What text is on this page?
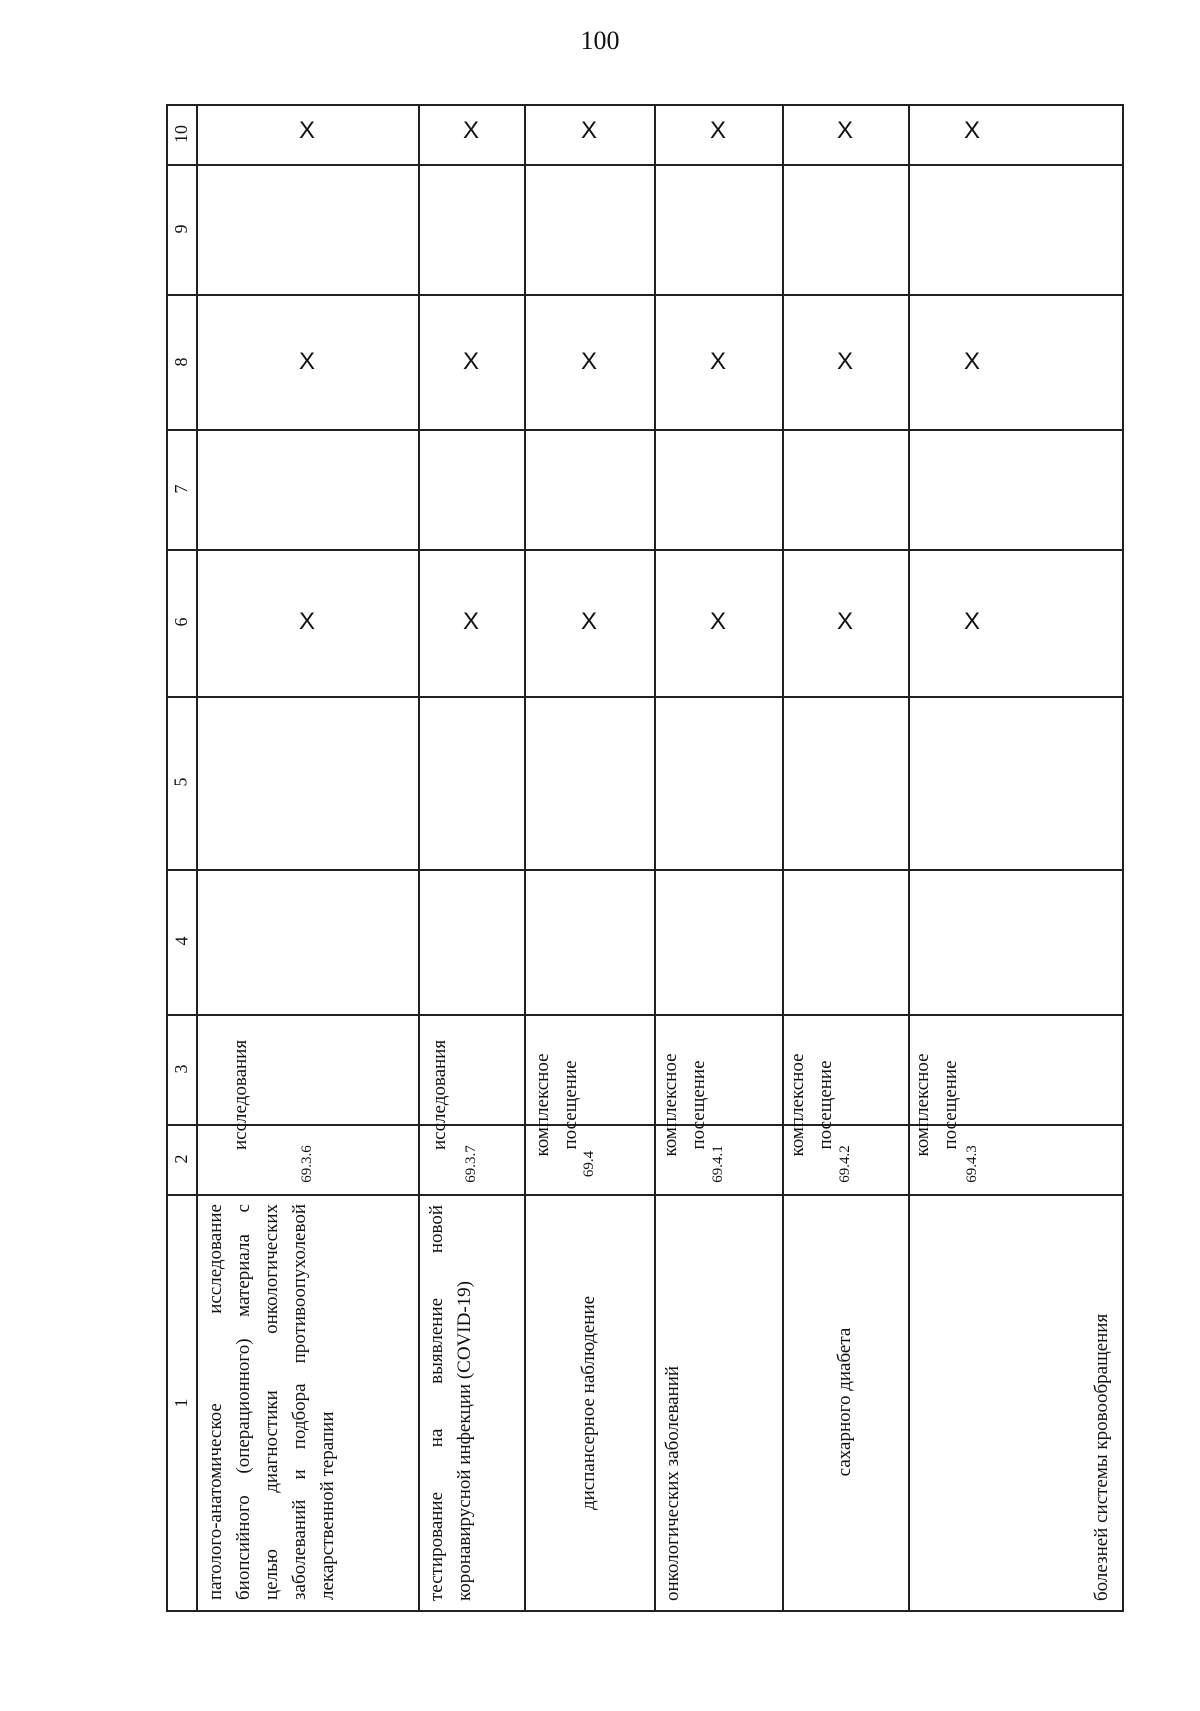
100
10
9
8
7
6
5
4
3
2
1 патолого-анатомическое исследование биопсийного (операционного) материала с целью диагностики онкологических заболеваний и подбора противоопухолевой лекарственной терапии
69.3.6
исследования
X
X
X
тестирование на выявление новой коронавирусной инфекции (COVID-19)
69.3.7
исследования
X
X
X
диспансерное наблюдение
69.4
комплексное посещение
X
X
X
онкологических заболеваний
69.4.1
комплексное посещение
X
X
X
сахарного диабета
69.4.2
комплексное посещение
X
X
X
болезней системы кровообращения
69.4.3
комплексное посещение
X
X
X
